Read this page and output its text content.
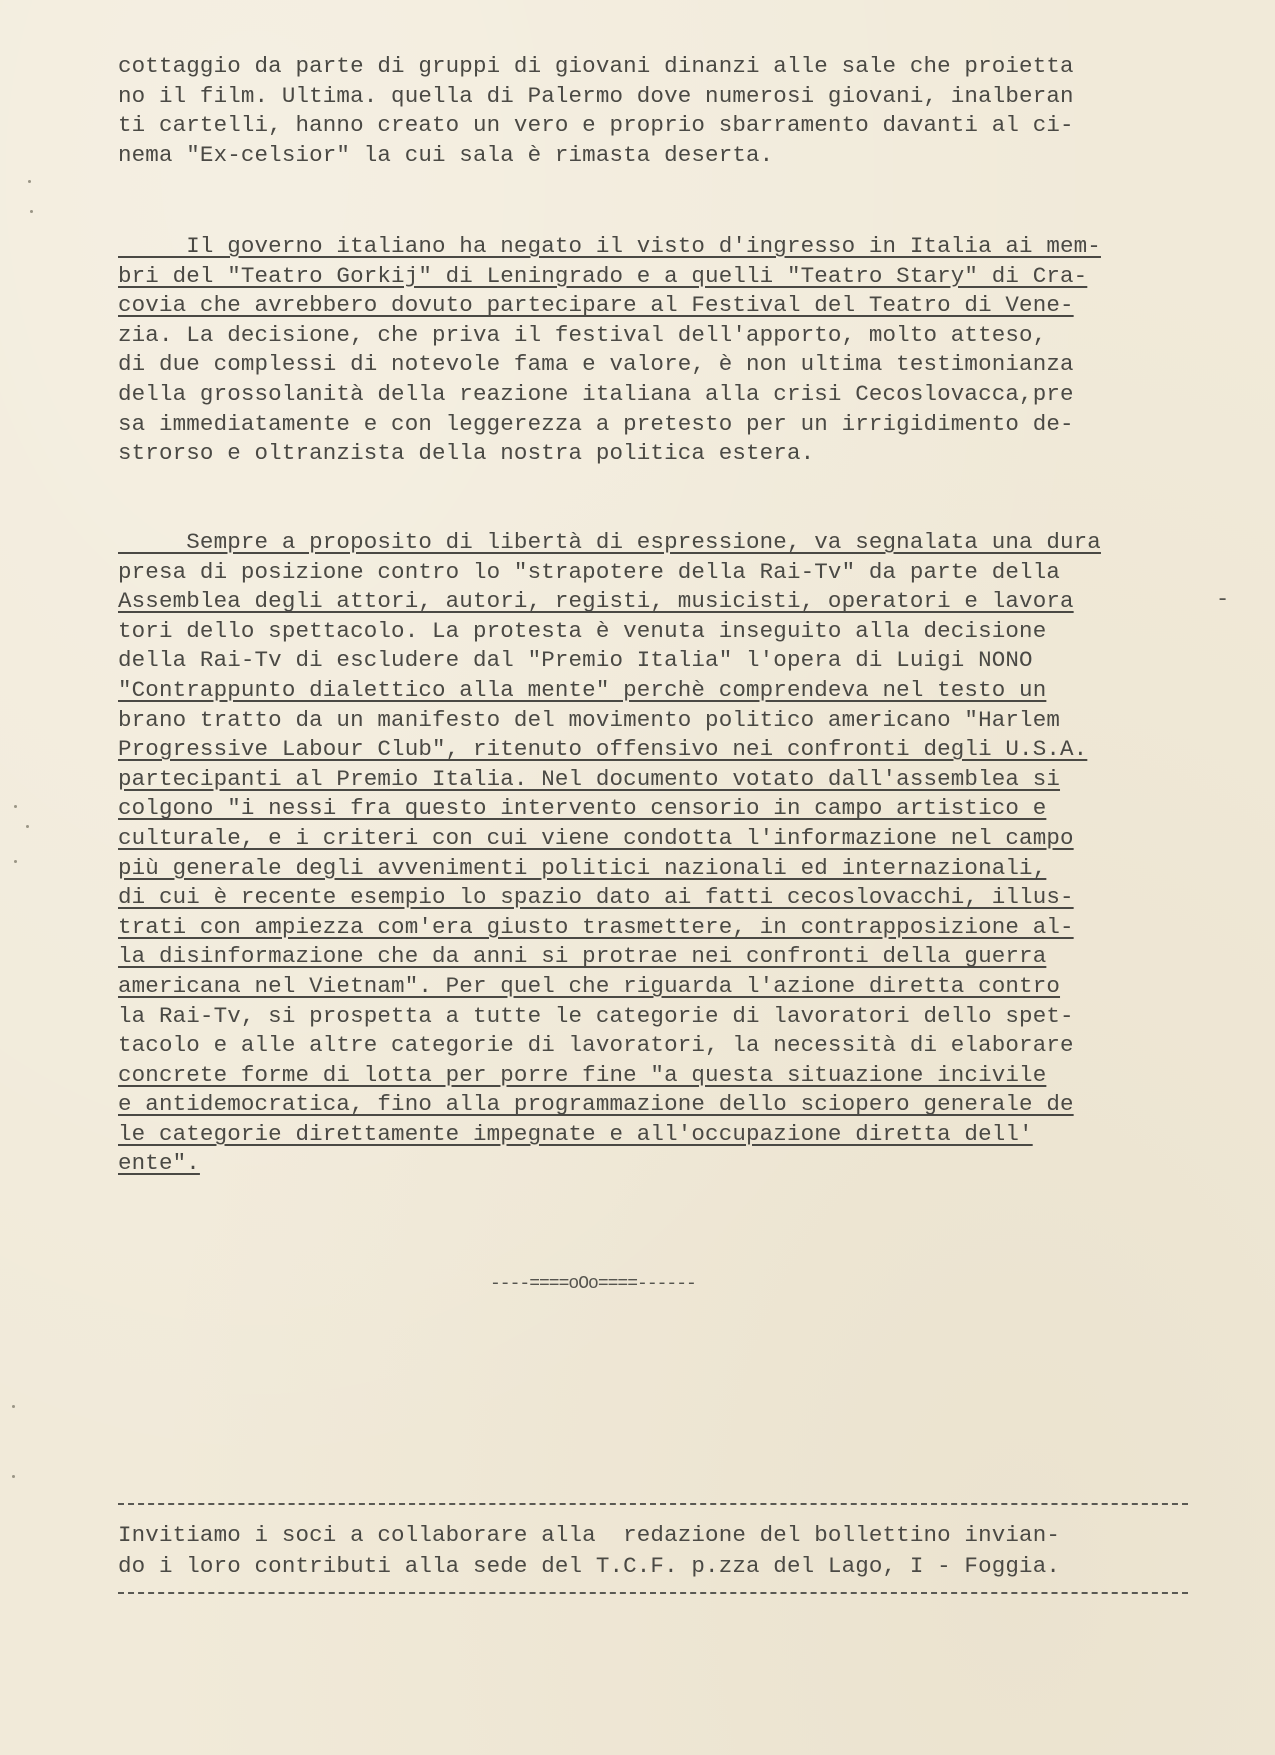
cottaggio da parte di gruppi di giovani dinanzi alle sale che proietta
no il film. Ultima. quella di Palermo dove numerosi giovani, inalberan
ti cartelli, hanno creato un vero e proprio sbarramento davanti al ci-
nema "Ex-celsior" la cui sala è rimasta deserta.
Il governo italiano ha negato il visto d'ingresso in Italia ai mem-
bri del "Teatro Gorkij" di Leningrado e a quelli "Teatro Stary" di Cra-
covia che avrebbero dovuto partecipare al Festival del Teatro di Vene-
zia. La decisione, che priva il festival dell'apporto, molto atteso,
di due complessi di notevole fama e valore, è non ultima testimonianza
della grossolanità della reazione italiana alla crisi Cecoslovacca,pre
sa immediatamente e con leggerezza a pretesto per un irrigidimento de-
strorso e oltranzista della nostra politica estera.
Sempre a proposito di libertà di espressione, va segnalata una dura
presa di posizione contro lo "strapotere della Rai-Tv" da parte della
Assemblea degli attori, autori, registi, musicisti, operatori e lavora
tori dello spettacolo. La protesta è venuta inseguito alla decisione
della Rai-Tv di escludere dal "Premio Italia" l'opera di Luigi NONO
"Contrappunto dialettico alla mente" perchè comprendeva nel testo un
brano tratto da un manifesto del movimento politico americano "Harlem
Progressive Labour Club", ritenuto offensivo nei confronti degli U.S.A.
partecipanti al Premio Italia. Nel documento votato dall'assemblea si
colgono "i nessi fra questo intervento censorio in campo artistico e
culturale, e i criteri con cui viene condotta l'informazione nel campo
più generale degli avvenimenti politici nazionali ed internazionali,
di cui è recente esempio lo spazio dato ai fatti cecoslovacchi, illus-
trati con ampiezza com'era giusto trasmettere, in contrapposizione al-
la disinformazione che da anni si protrae nei confronti della guerra
americana nel Vietnam". Per quel che riguarda l'azione diretta contro
la Rai-Tv, si prospetta a tutte le categorie di lavoratori dello spet-
tacolo e alle altre categorie di lavoratori, la necessità di elaborare
concrete forme di lotta per porre fine "a questa situazione incivile
e antidemocratica, fino alla programmazione dello sciopero generale de
le categorie direttamente impegnate e all'occupazione diretta dell'
ente".
-
----====oOo====------
Invitiamo i soci a collaborare alla  redazione del bollettino invian-
do i loro contributi alla sede del T.C.F. p.zza del Lago, I - Foggia.
